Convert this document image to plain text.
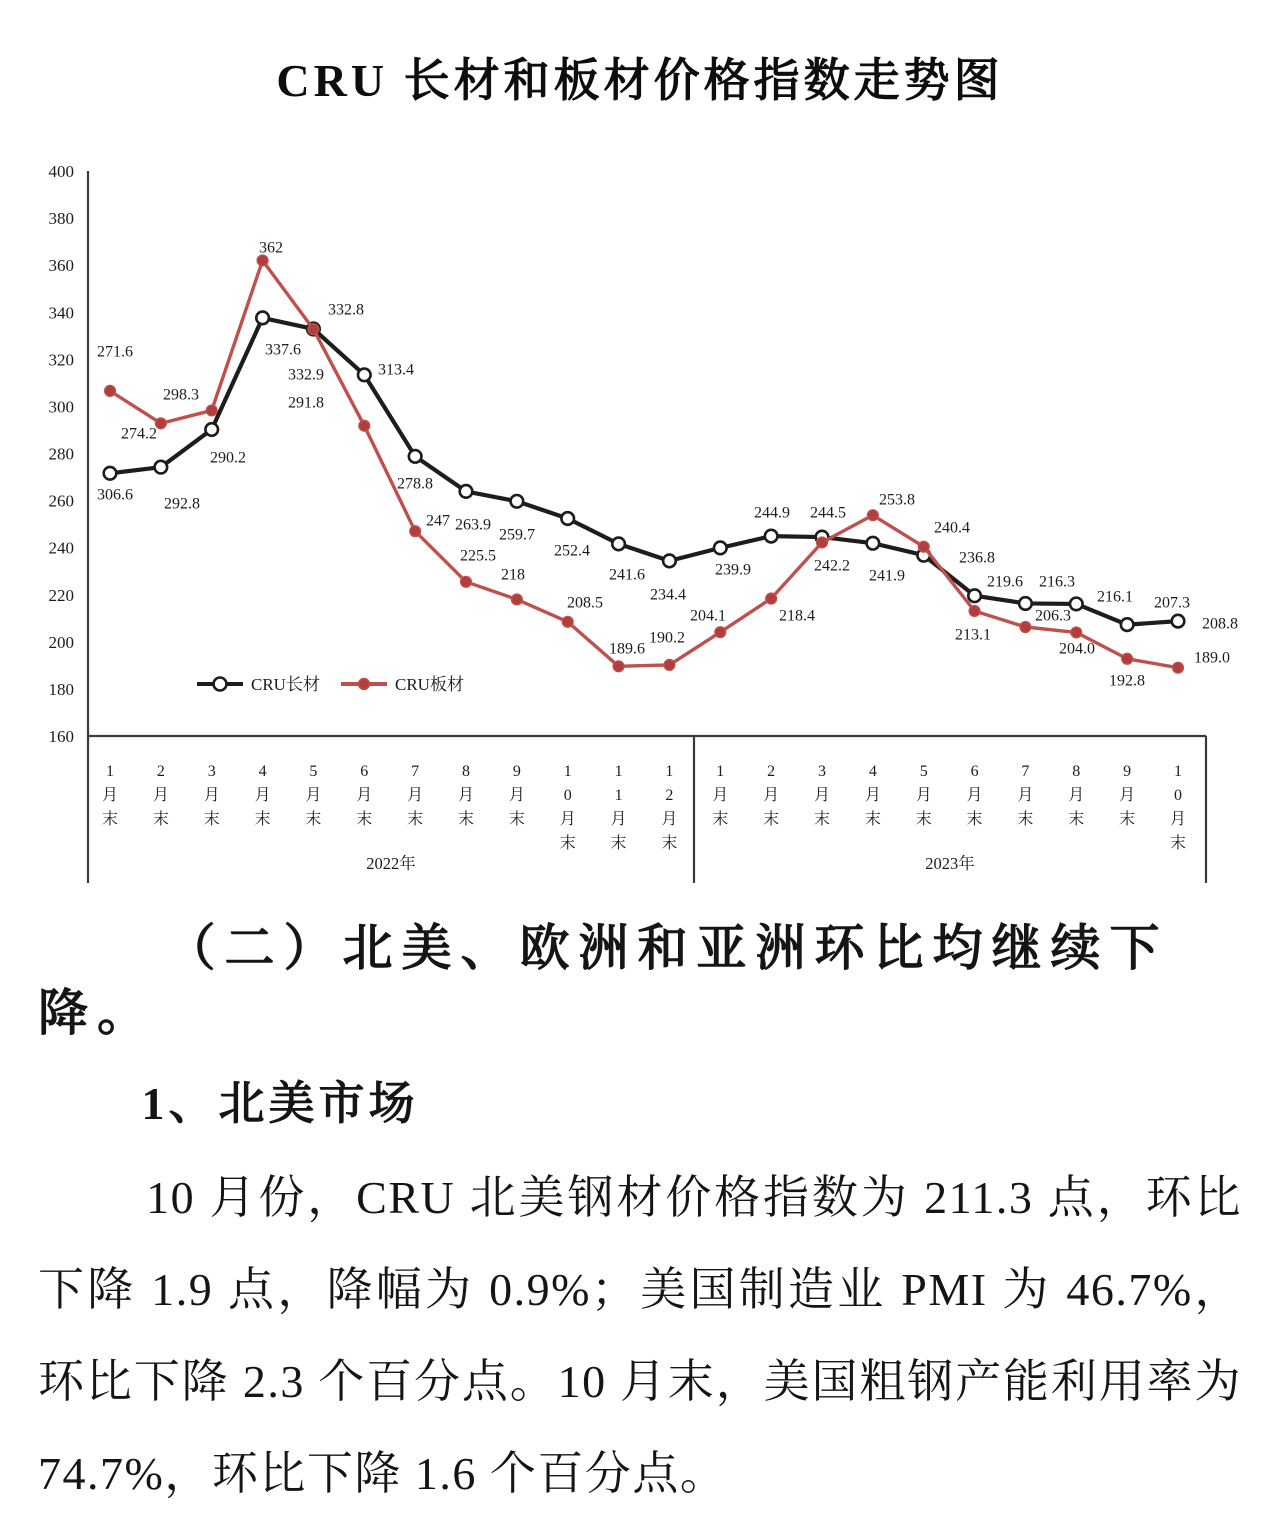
CRU 长材和板材价格指数走势图
400
380
360
340
320
300
280
260
240
220
200
180
160
1 月末
2 月末
3 月末
4 月末
5 月末
6 月末
7 月末
8 月末
9 月末
1 0 月末
1 1 月末
1 2 月末
1 月末
2 月末
3 月末
4 月末
5 月末
6 月末
7 月末
8 月末
9 月末
1 0 月末
2022年	2023年
306.6
292.8
290.2
337.6
332.9	313.4
278.8
263.9
259.7
252.4
241.6
234.4
239.9
244.9 244.5
241.9
236.8
219.6 216.3
216.1 207.3
208.8
271.6
274.2
298.3
362
332.8
291.8
247
225.5
218
208.5
189.6
190.2
204.1	218.4
242.2
253.8
240.4
213.1
206.3
204.0
192.8
189.0
CRU长材	CRU板材

（二）北美、欧洲和亚洲环比均继续下降。

1、北美市场

10 月份，CRU 北美钢材价格指数为 211.3 点，环比下降 1.9 点，降幅为 0.9%；美国制造业 PMI 为 46.7%，环比下降 2.3 个百分点。10 月末，美国粗钢产能利用率为 74.7%，环比下降 1.6 个百分点。
